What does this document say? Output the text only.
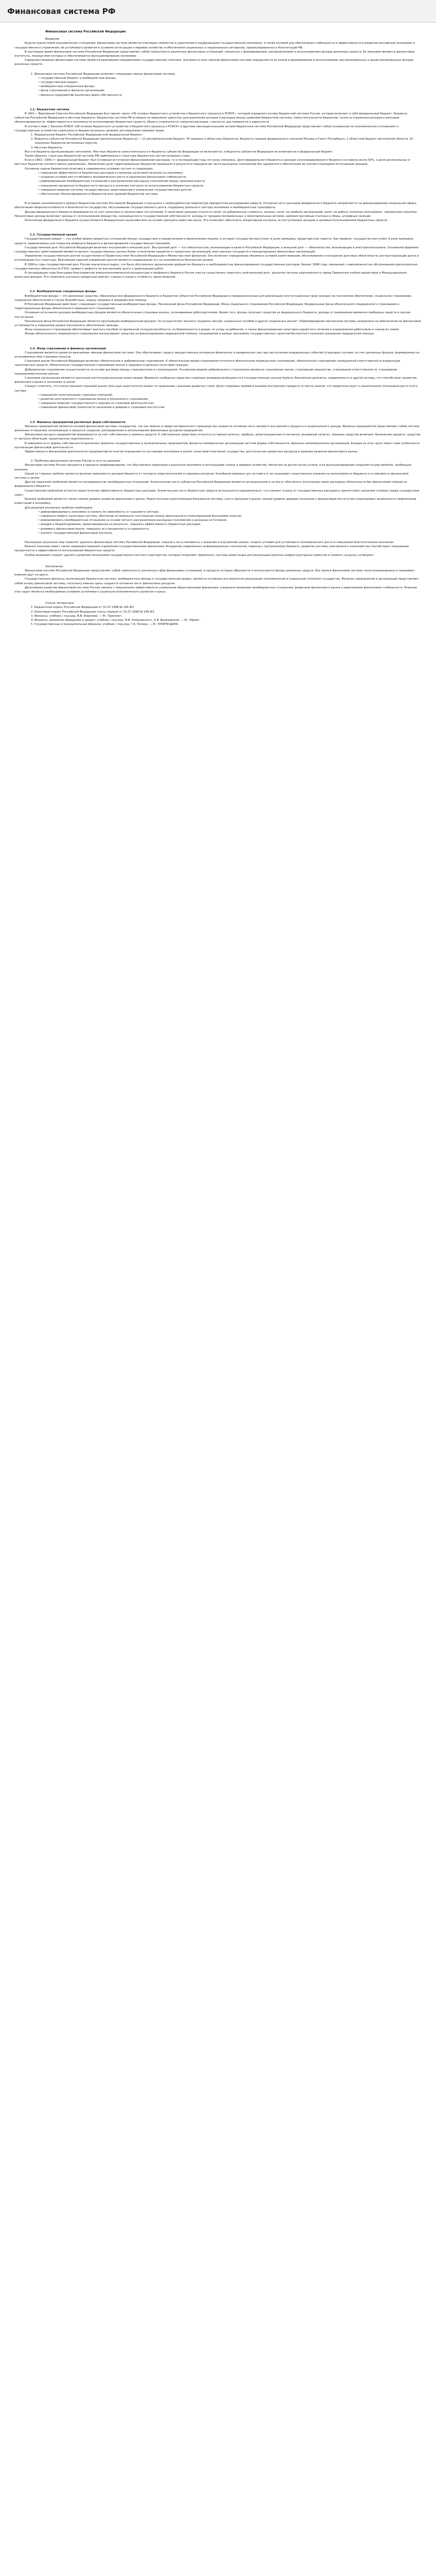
Финансовая система РФ

Финансовая система Российской Федерации

Введение

Будучи подсистемой экономических отношений, финансовая система является ключевым элементом в укреплении и модернизации государственной экономики, а также основой для обеспечения стабильности и эффективности в развитии российской экономики и государственного управления, её устойчивого развития в условиях интеграции в мировое хозяйство и обеспечения социальных и национальных интересов, сформулированных в Конституции РФ.

В настоящее время финансовая система Российской Федерации представляет собой совокупность различных финансовых отношений, связанных с формированием, распределением и использованием фондов денежных средств. Ее звеньями являются финансовые институты, посредством которых и обеспечивается функционирование экономики.

Совершенствование финансовой системы является важнейшим направлением государственной политики. Значимость всех звеньев финансовой системы определяется их ролью в формировании и использовании централизованных и децентрализованных фондов денежных средств.

1. Финансовая система Российской Федерации включает следующие звенья финансовой системы:

• государственный бюджет и внебюджетные фонды;

• государственный кредит;

• внебюджетные специальные фонды;

• фонд страхования и финансы организаций;

• финансы предприятий различных форм собственности.

1.1. Бюджетная система

В 1991 г. Верховным Советом Российской Федерации был принят закон «Об основах бюджетного устройства и бюджетного процесса в РСФСР», который определил основы бюджетной системы России, которая включает в себя федеральный бюджет, бюджеты субъектов Российской Федерации и местные бюджеты. Бюджетная система РФ основана на принципах единства, разграничения доходов и расходов между уровнями бюджетной системы, самостоятельности бюджетов, полноты отражения доходов и расходов, сбалансированности, эффективности и экономности использования бюджетных средств, общего (совокупного) покрытия расходов, гласности, достоверности и адресности.

В соответствии с Законом РСФСР «Об основах бюджетного устройства и бюджетного процесса в РСФСР» и другими законодательными актами бюджетная система Российской Федерации представляет собой основанную на экономических отношениях и государственном устройстве совокупность бюджетов разных уровней, регулируемую нормами права.

1. Федеральный бюджет Российской Федерации или федеральный бюджет;

2. Бюджеты субъектов Российской Федерации (региональные бюджеты) — 21 республиканский бюджет, 55 краевых и областных бюджетов, бюджеты городов федерального значения Москвы и Санкт-Петербурга, 1 областной бюджет автономной области, 10 окружных бюджетов автономных округов;

3. Местные бюджеты.

Все эти бюджеты функционируют автономно. Местные бюджеты самостоятельны и в бюджеты субъектов Федерации не включаются, а бюджеты субъектов Федерации не включаются в федеральный бюджет.

Таким образом, структура бюджетной системы РФ приближена к структуре бюджетных систем западных стран.

Если в 1992—1995 гг. федеральный бюджет был основным источником финансирования расходов, то в последующие годы его роль снизилась. Доля федерального бюджета в доходах консолидированного бюджета составила около 50%, а доля региональных и местных бюджетов соответственно увеличилась. Увеличение доли территориальных бюджетов произошло в результате передачи им части расходных полномочий без адекватного обеспечения их соответствующими источниками доходов.

Основные задачи бюджетной политики в современных условиях состоят в следующем:

• повышение эффективности бюджетных расходов и снижение налоговой нагрузки на экономику;

• создание условий для устойчивого экономического роста и укрепления финансовой стабильности;

• реформирование межбюджетных отношений и разграничение расходных полномочий между уровнями власти;

• повышение прозрачности бюджетного процесса и усиление контроля за использованием бюджетных средств;

• совершенствование системы государственных заимствований и управления государственным долгом;

• обеспечение сбалансированности бюджетов всех уровней бюджетной системы.

В условиях экономического кризиса бюджетная система Российской Федерации столкнулась с необходимостью пересмотра приоритетов расходования средств. Основная часть расходов федерального бюджета направляется на финансирование социальной сферы, обеспечение обороноспособности и безопасности государства, обслуживание государственного долга, поддержку реального сектора экономики и межбюджетные трансферты.

Доходы федерального бюджета формируются за счет налоговых и неналоговых поступлений. К налоговым доходам относятся налог на добавленную стоимость, акцизы, налог на прибыль организаций, налог на добычу полезных ископаемых, таможенные пошлины. Неналоговые доходы включают доходы от использования имущества, находящегося в государственной собственности, доходы от продажи материальных и нематериальных активов, административные платежи и сборы, штрафные санкции.

Исполнение федерального бюджета осуществляется Федеральным казначейством на основе принципа единства кассы. Это позволяет обеспечить оперативный контроль за поступлением доходов и целевым использованием бюджетных средств.

1.2. Государственный кредит

Государственный кредит — это особая форма кредитных отношений между государством и юридическими и физическими лицами, в которых государство выступает в роли заемщика, кредитора или гаранта. Как правило, государство выступает в роли заемщика средств, привлекаемых для покрытия дефицита бюджета и финансирования государственных программ.

Государственный долг Российской Федерации включает внутренний и внешний долг. Внутренний долг — это обязательства, возникающие в валюте Российской Федерации, а внешний долг — обязательства, возникающие в иностранной валюте. Основными формами государственных заимствований являются выпуск государственных ценных бумаг и получение кредитов от кредитных организаций, иностранных государств и международных финансовых организаций.

Управление государственным долгом осуществляется Правительством Российской Федерации и Министерством финансов. Оно включает определение объемов и условий заимствований, обслуживание и погашение долговых обязательств, реструктуризацию долга и оптимизацию его структуры. Важнейшей задачей управления долгом является поддержание его на экономически безопасном уровне.

В 1990-е годы государственный долг России значительно вырос, что было обусловлено хроническим дефицитом бюджета и необходимостью финансирования государственных расходов. Кризис 1998 года, связанный с невозможностью обслуживания краткосрочных государственных обязательств (ГКО), привел к дефолту по внутреннему долгу и девальвации рубля.

В последующие годы благодаря благоприятной внешнеэкономической конъюнктуре и профициту бюджета Россия смогла существенно сократить свой внешний долг, досрочно погасив задолженность перед Парижским клубом кредиторов и Международным валютным фондом. Это позволило улучшить кредитный рейтинг страны и снизить стоимость заимствований.

1.3. Внебюджетные специальные фонды

Внебюджетные фонды — это денежные средства, образуемые вне федерального бюджета и бюджетов субъектов Российской Федерации и предназначенные для реализации конституционных прав граждан на пенсионное обеспечение, социальное страхование, социальное обеспечение в случае безработицы, охрану здоровья и медицинскую помощь.

В Российской Федерации действуют следующие государственные внебюджетные фонды: Пенсионный фонд Российской Федерации, Фонд социального страхования Российской Федерации, Федеральный фонд обязательного медицинского страхования и территориальные фонды обязательного медицинского страхования.

Основным источником доходов внебюджетных фондов являются обязательные страховые взносы, уплачиваемые работодателями. Кроме того, фонды получают средства из федерального бюджета, доходы от размещения временно свободных средств и прочие поступления.

Пенсионный фонд Российской Федерации является крупнейшим внебюджетным фондом. Он осуществляет выплату трудовых пенсий, социальных пособий и других социальных выплат. Реформирование пенсионной системы направлено на обеспечение ее финансовой устойчивости и повышение уровня пенсионного обеспечения граждан.

Фонд социального страхования обеспечивает выплату пособий по временной нетрудоспособности, по беременности и родам, по уходу за ребенком, а также финансирование санаторно-курортного лечения и оздоровления работников и членов их семей.

Фонды обязательного медицинского страхования аккумулируют средства на финансирование медицинской помощи, оказываемой в рамках программы государственных гарантий бесплатного оказания гражданам медицинской помощи.

1.4. Фонд страхования и финансы организаций

Страхование является одним из важнейших звеньев финансовой системы. Оно обеспечивает защиту имущественных интересов физических и юридических лиц при наступлении определенных событий (страховых случаев) за счет денежных фондов, формируемых из уплачиваемых ими страховых взносов.

Страховой рынок Российской Федерации включает обязательное и добровольное страхование. К обязательным видам страхования относятся обязательное медицинское страхование, обязательное страхование гражданской ответственности владельцев транспортных средств, обязательное государственное страхование жизни и здоровья отдельных категорий граждан.

Добровольное страхование осуществляется на основе договора между страхователем и страховщиком. Основными видами добровольного страхования являются страхование жизни, страхование имущества, страхование ответственности, страхование предпринимательских рисков.

Страховые организации являются крупными институциональными инвесторами. Временно свободные средства страховых резервов размещаются в государственные ценные бумаги, банковские депозиты, недвижимость и другие активы, что способствует развитию финансового рынка и экономики в целом.

Следует отметить, что отечественный страховой рынок пока еще недостаточно развит по сравнению с рынками развитых стран. Доля страховых премий в валовом внутреннем продукте остается низкой, что свидетельствует о значительном потенциале роста этого сектора.

• повышение капитализации страховых компаний;

• развитие долгосрочного страхования жизни и пенсионного страхования;

• совершенствование государственного надзора за страховой деятельностью;

• повышение финансовой грамотности населения и доверия к страховым институтам.

1.5. Финансы предприятий различных форм собственности

Финансы предприятий являются основой финансовой системы государства, так как именно в сфере материального производства создается основная часть валового внутреннего продукта и национального дохода. Финансы предприятий представляют собой систему денежных отношений, возникающих в процессе создания, распределения и использования финансовых ресурсов предприятия.

Финансовые ресурсы предприятий формируются за счет собственных и заемных средств. К собственным средствам относятся уставный капитал, прибыль, амортизационные отчисления, резервный капитал. Заемные средства включают банковские кредиты, средства от выпуска облигаций, кредиторскую задолженность.

В зависимости от формы собственности различают финансы государственных и муниципальных предприятий, финансы коммерческих организаций частной формы собственности, финансы некоммерческих организаций. Каждая из этих групп имеет свои особенности организации финансовой деятельности.

Эффективность финансовой деятельности предприятий во многом определяется состоянием экономики в целом, налоговой политикой государства, доступностью кредитных ресурсов и уровнем развития финансового рынка.

2. Проблемы финансовой системы России и пути их решения

Финансовая система России находится в процессе реформирования, что обусловлено переходом к рыночной экономике и интеграцией страны в мировое хозяйство. Несмотря на достигнутые успехи, в ее функционировании сохраняется ряд проблем, требующих решения.

Одной из главных проблем является высокая зависимость доходов бюджета от экспорта энергоносителей и сырьевых ресурсов. Колебания мировых цен на нефть и газ оказывают существенное влияние на наполняемость бюджета и устойчивость финансовой системы в целом.

Другой серьезной проблемой является несовершенство межбюджетных отношений. Значительная часть субъектов Российской Федерации являются дотационными и не могут обеспечить исполнение своих расходных обязательств без финансовой помощи из федерального бюджета.

Существенной проблемой остается недостаточная эффективность бюджетных расходов. Значительная часть бюджетных средств используется нерационально, что снижает отдачу от государственных расходов и препятствует решению стоящих перед государством задач.

Важной проблемой является также низкий уровень развития финансового рынка. Недостаточная капитализация банковской системы, узость фондового рынка, низкий уровень доверия населения к финансовым институтам ограничивают возможности привлечения инвестиций в экономику.

Для решения указанных проблем необходимо:

• диверсифицировать экономику и снизить ее зависимость от сырьевого сектора;

• совершенствовать налоговую систему, обеспечив оптимальное соотношение между фискальной и стимулирующей функциями налогов;

• реформировать межбюджетные отношения на основе четкого разграничения расходных полномочий и доходных источников;

• внедрить бюджетирование, ориентированное на результат, повысить эффективность бюджетных расходов;

• развивать финансовый рынок, повышать его прозрачность и надежность;

• усилить государственный финансовый контроль.

Реализация указанных мер позволит укрепить финансовую систему Российской Федерации, повысить ее устойчивость к внешним и внутренним шокам, создать условия для устойчивого экономического роста и повышения благосостояния населения.

Важное значение имеет также совершенствование управления государственными финансами. Внедрение современных информационных технологий, переход к программному бюджету, развитие системы электронного казначейства способствуют повышению прозрачности и эффективности использования бюджетных средств.

Особое внимание следует уделить развитию механизмов государственно-частного партнерства, которые позволяют привлекать частные инвестиции для реализации крупных инфраструктурных проектов и снижать нагрузку на бюджет.

Заключение

Финансовая система Российской Федерации представляет собой совокупность различных сфер финансовых отношений, в процессе которых образуются и используются фонды денежных средств. Все звенья финансовой системы тесно взаимосвязаны и оказывают влияние друг на друга.

Государственные финансы, включающие бюджетную систему, внебюджетные фонды и государственный кредит, являются основным инструментом реализации экономической и социальной политики государства. Финансы предприятий и организаций представляют собой основу финансовой системы, поскольку именно здесь создается основная часть финансовых ресурсов.

Дальнейшее развитие финансовой системы России связано с повышением эффективности управления общественными финансами, совершенствованием межбюджетных отношений, развитием финансового рынка и укреплением финансовой стабильности. Решение этих задач является необходимым условием устойчивого социально-экономического развития страны.

Список литературы

1. Бюджетный кодекс Российской Федерации от 31.07.1998 № 145-ФЗ.

2. Налоговый кодекс Российской Федерации (часть первая) от 31.07.1998 № 146-ФЗ.

3. Финансы: учебник / под ред. В.В. Ковалева. — М.: Проспект.

4. Финансы, денежное обращение и кредит: учебник / под ред. М.В. Романовского, О.В. Врублевской. — М.: Юрайт.

5. Государственные и муниципальные финансы: учебник / под ред. Г.Б. Поляка. — М.: ЮНИТИ-ДАНА.
